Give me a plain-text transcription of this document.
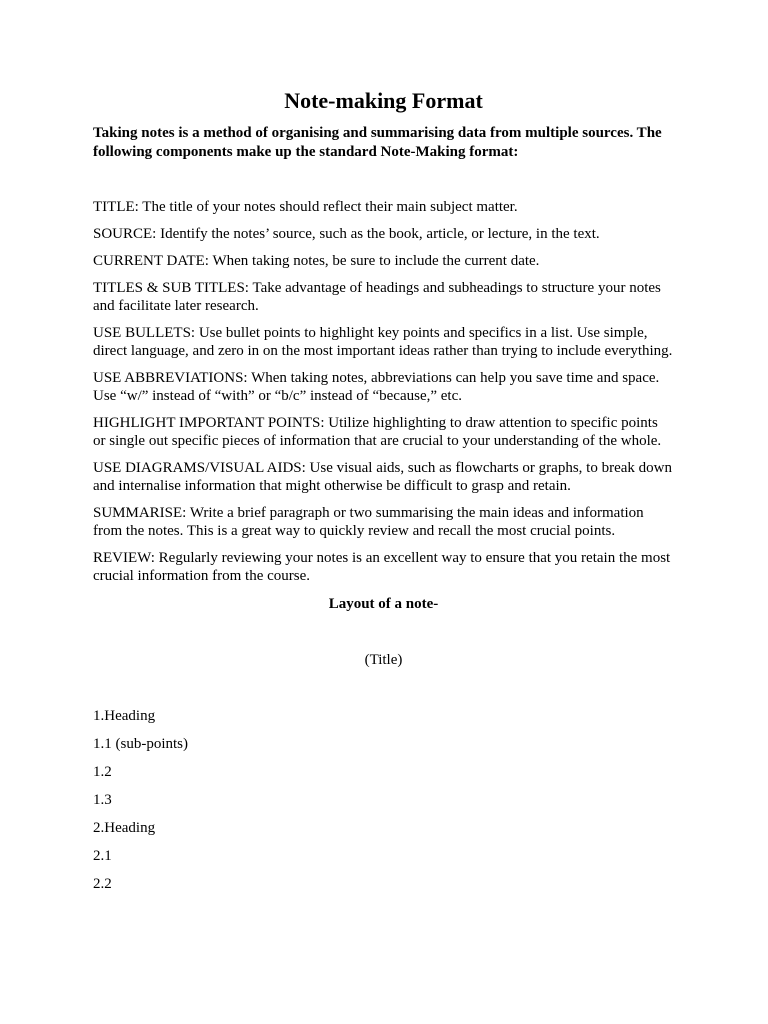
Note-making Format

Taking notes is a method of organising and summarising data from multiple sources. The following components make up the standard Note-Making format:

TITLE: The title of your notes should reflect their main subject matter.

SOURCE: Identify the notes’ source, such as the book, article, or lecture, in the text.

CURRENT DATE: When taking notes, be sure to include the current date.

TITLES & SUB TITLES: Take advantage of headings and subheadings to structure your notes and facilitate later research.

USE BULLETS: Use bullet points to highlight key points and specifics in a list. Use simple, direct language, and zero in on the most important ideas rather than trying to include everything.

USE ABBREVIATIONS: When taking notes, abbreviations can help you save time and space. Use “w/” instead of “with” or “b/c” instead of “because,” etc.

HIGHLIGHT IMPORTANT POINTS: Utilize highlighting to draw attention to specific points or single out specific pieces of information that are crucial to your understanding of the whole.

USE DIAGRAMS/VISUAL AIDS: Use visual aids, such as flowcharts or graphs, to break down and internalise information that might otherwise be difficult to grasp and retain.

SUMMARISE: Write a brief paragraph or two summarising the main ideas and information from the notes. This is a great way to quickly review and recall the most crucial points.

REVIEW: Regularly reviewing your notes is an excellent way to ensure that you retain the most crucial information from the course.

Layout of a note-

(Title)

1.Heading

1.1 (sub-points)

1.2

1.3

2.Heading

2.1

2.2
